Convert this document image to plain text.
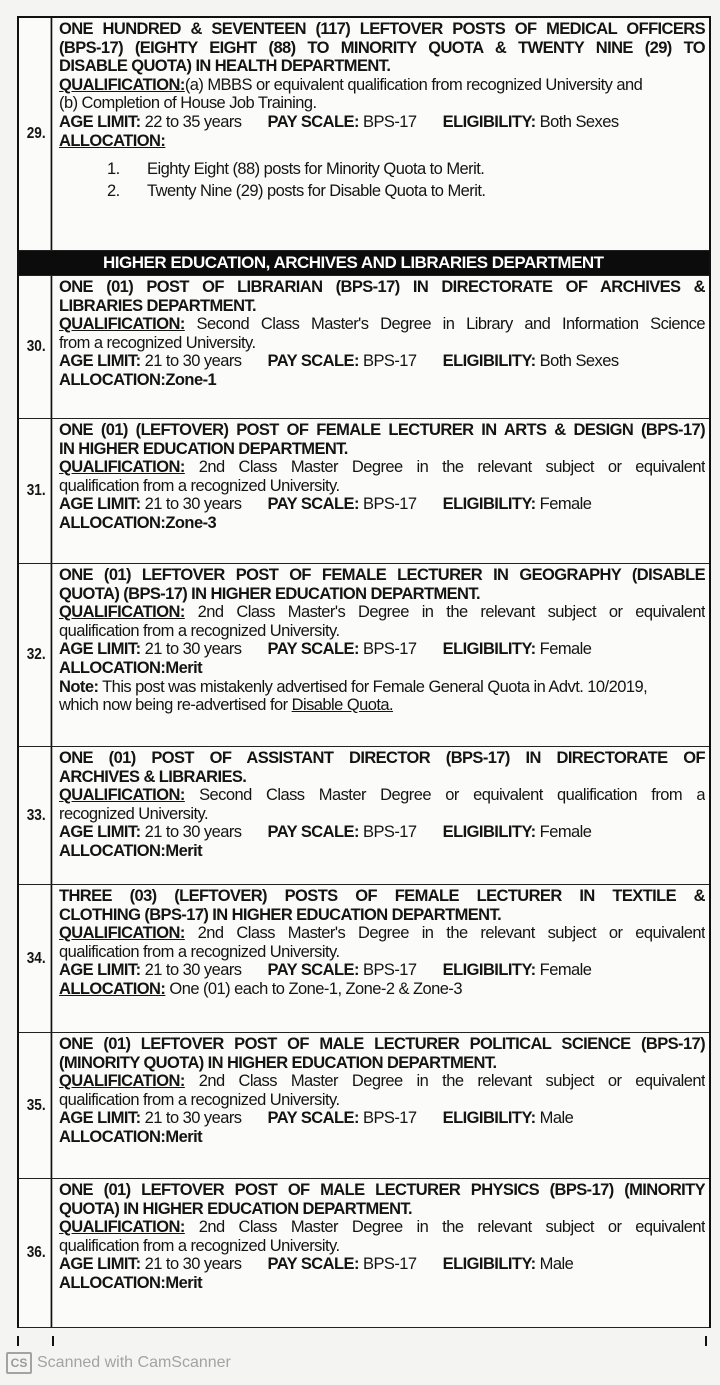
29.
ONE HUNDRED & SEVENTEEN (117) LEFTOVER POSTS OF MEDICAL OFFICERS
(BPS-17) (EIGHTY EIGHT (88) TO MINORITY QUOTA & TWENTY NINE (29) TO
DISABLE QUOTA) IN HEALTH DEPARTMENT.
QUALIFICATION:(a) MBBS or equivalent qualification from recognized University and
(b) Completion of House Job Training.
AGE LIMIT: 22 to 35 years PAY SCALE: BPS-17 ELIGIBILITY: Both Sexes
ALLOCATION:
1. Eighty Eight (88) posts for Minority Quota to Merit.
2. Twenty Nine (29) posts for Disable Quota to Merit.
HIGHER EDUCATION, ARCHIVES AND LIBRARIES DEPARTMENT
30.
ONE (01) POST OF LIBRARIAN (BPS-17) IN DIRECTORATE OF ARCHIVES &
LIBRARIES DEPARTMENT.
QUALIFICATION: Second Class Master's Degree in Library and Information Science
from a recognized University.
AGE LIMIT: 21 to 30 years PAY SCALE: BPS-17 ELIGIBILITY: Both Sexes
ALLOCATION:Zone-1
31.
ONE (01) (LEFTOVER) POST OF FEMALE LECTURER IN ARTS & DESIGN (BPS-17)
IN HIGHER EDUCATION DEPARTMENT.
QUALIFICATION: 2nd Class Master Degree in the relevant subject or equivalent
qualification from a recognized University.
AGE LIMIT: 21 to 30 years PAY SCALE: BPS-17 ELIGIBILITY: Female
ALLOCATION:Zone-3
32.
ONE (01) LEFTOVER POST OF FEMALE LECTURER IN GEOGRAPHY (DISABLE
QUOTA) (BPS-17) IN HIGHER EDUCATION DEPARTMENT.
QUALIFICATION: 2nd Class Master's Degree in the relevant subject or equivalent
qualification from a recognized University.
AGE LIMIT: 21 to 30 years PAY SCALE: BPS-17 ELIGIBILITY: Female
ALLOCATION:Merit
Note: This post was mistakenly advertised for Female General Quota in Advt. 10/2019,
which now being re-advertised for Disable Quota.
33.
ONE (01) POST OF ASSISTANT DIRECTOR (BPS-17) IN DIRECTORATE OF
ARCHIVES & LIBRARIES.
QUALIFICATION: Second Class Master Degree or equivalent qualification from a
recognized University.
AGE LIMIT: 21 to 30 years PAY SCALE: BPS-17 ELIGIBILITY: Female
ALLOCATION:Merit
34.
THREE (03) (LEFTOVER) POSTS OF FEMALE LECTURER IN TEXTILE &
CLOTHING (BPS-17) IN HIGHER EDUCATION DEPARTMENT.
QUALIFICATION: 2nd Class Master's Degree in the relevant subject or equivalent
qualification from a recognized University.
AGE LIMIT: 21 to 30 years PAY SCALE: BPS-17 ELIGIBILITY: Female
ALLOCATION: One (01) each to Zone-1, Zone-2 & Zone-3
35.
ONE (01) LEFTOVER POST OF MALE LECTURER POLITICAL SCIENCE (BPS-17)
(MINORITY QUOTA) IN HIGHER EDUCATION DEPARTMENT.
QUALIFICATION: 2nd Class Master Degree in the relevant subject or equivalent
qualification from a recognized University.
AGE LIMIT: 21 to 30 years PAY SCALE: BPS-17 ELIGIBILITY: Male
ALLOCATION:Merit
36.
ONE (01) LEFTOVER POST OF MALE LECTURER PHYSICS (BPS-17) (MINORITY
QUOTA) IN HIGHER EDUCATION DEPARTMENT.
QUALIFICATION: 2nd Class Master Degree in the relevant subject or equivalent
qualification from a recognized University.
AGE LIMIT: 21 to 30 years PAY SCALE: BPS-17 ELIGIBILITY: Male
ALLOCATION:Merit
CS Scanned with CamScanner
